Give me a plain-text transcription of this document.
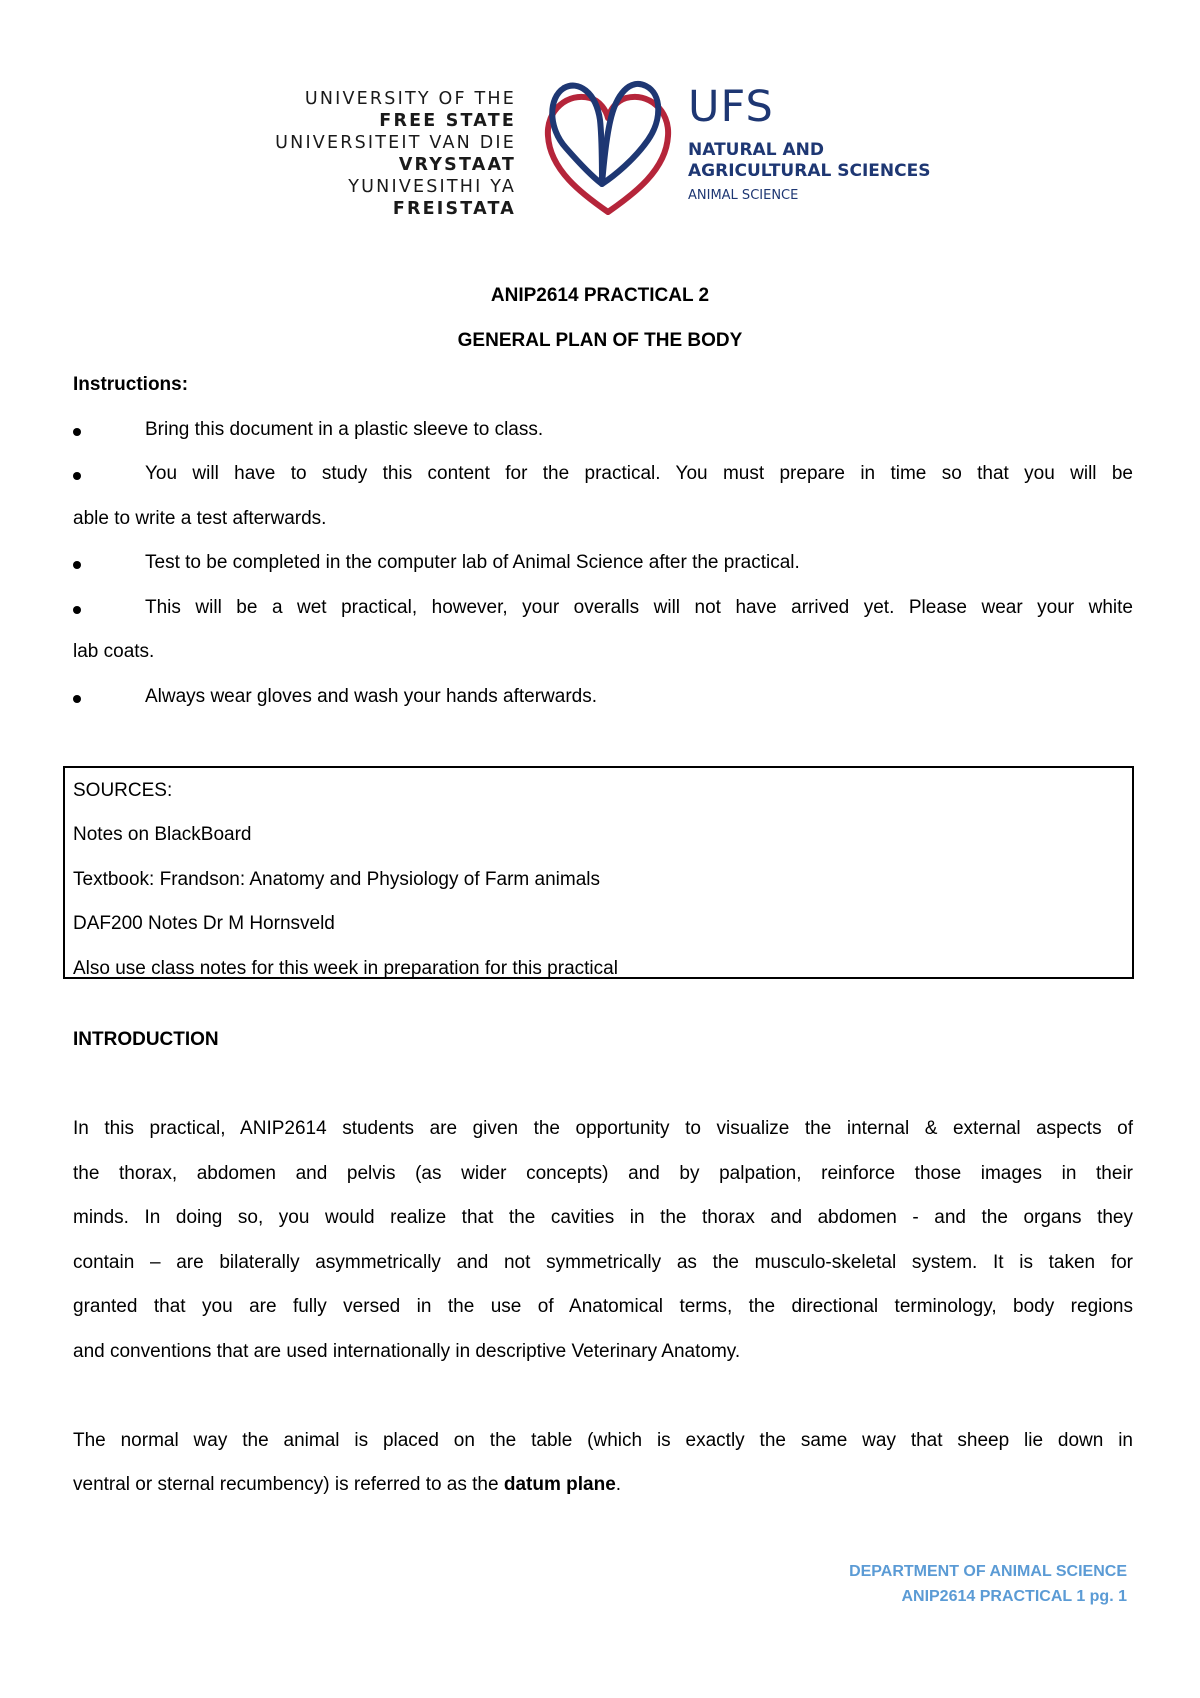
UNIVERSITY OF THE
FREE STATE
UNIVERSITEIT VAN DIE
VRYSTAAT
YUNIVESITHI YA
FREISTATA
UFS
NATURAL AND
AGRICULTURAL SCIENCES
ANIMAL SCIENCE
ANIP2614 PRACTICAL 2
GENERAL PLAN OF THE BODY
Instructions:
Bring this document in a plastic sleeve to class.
You will have to study this content for the practical. You must prepare in time so that you will be
able to write a test afterwards.
Test to be completed in the computer lab of Animal Science after the practical.
This will be a wet practical, however, your overalls will not have arrived yet. Please wear your white
lab coats.
Always wear gloves and wash your hands afterwards.
SOURCES:
Notes on BlackBoard
Textbook: Frandson: Anatomy and Physiology of Farm animals
DAF200 Notes Dr M Hornsveld
Also use class notes for this week in preparation for this practical
INTRODUCTION
In this practical, ANIP2614 students are given the opportunity to visualize the internal & external aspects of
the thorax, abdomen and pelvis (as wider concepts) and by palpation, reinforce those images in their
minds. In doing so, you would realize that the cavities in the thorax and abdomen - and the organs they
contain – are bilaterally asymmetrically and not symmetrically as the musculo-skeletal system. It is taken for
granted that you are fully versed in the use of Anatomical terms, the directional terminology, body regions
and conventions that are used internationally in descriptive Veterinary Anatomy.
The normal way the animal is placed on the table (which is exactly the same way that sheep lie down in
ventral or sternal recumbency) is referred to as the datum plane.
DEPARTMENT OF ANIMAL SCIENCE
ANIP2614 PRACTICAL 1 pg. 1
